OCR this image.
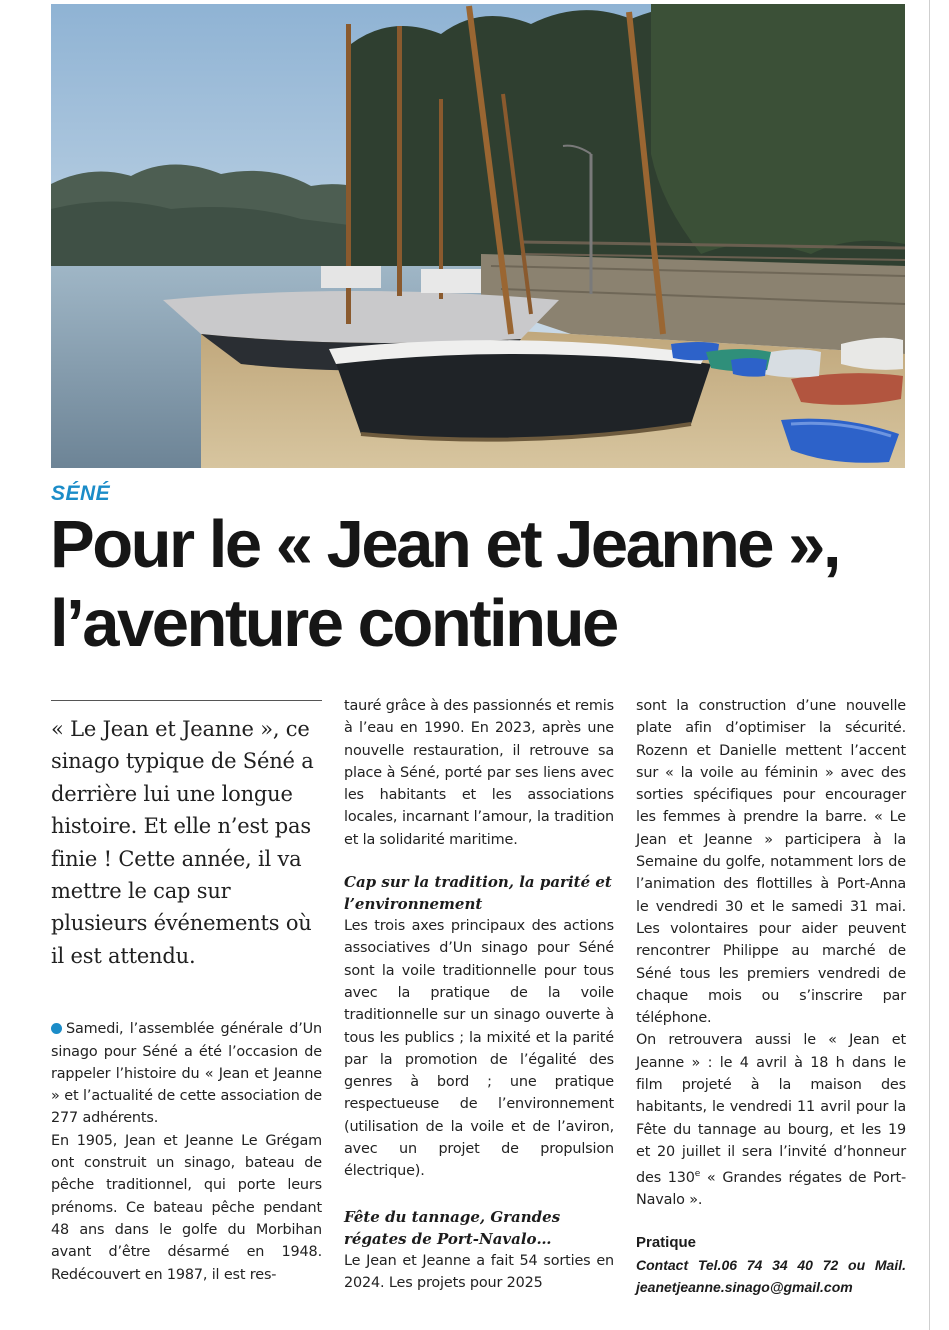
SÉNÉ
Pour le « Jean et Jeanne »,
l’aventure continue

« Le Jean et Jeanne », ce sinago typique de Séné a derrière lui une longue histoire. Et elle n’est pas finie ! Cette année, il va mettre le cap sur plusieurs événements où il est attendu.

Samedi, l’assemblée générale d’Un sinago pour Séné a été l’occasion de rappeler l’histoire du « Jean et Jeanne » et l’actualité de cette association de 277 adhérents.

En 1905, Jean et Jeanne Le Grégam ont construit un sinago, bateau de pêche traditionnel, qui porte leurs prénoms. Ce bateau pêche pendant 48 ans dans le golfe du Morbihan avant d’être désarmé en 1948. Redécouvert en 1987, il est res-

tauré grâce à des passionnés et remis à l’eau en 1990. En 2023, après une nouvelle restauration, il retrouve sa place à Séné, porté par ses liens avec les habitants et les associations locales, incarnant l’amour, la tradition et la solidarité maritime.

Cap sur la tradition, la parité et l’environnement

Les trois axes principaux des actions associatives d’Un sinago pour Séné sont la voile traditionnelle pour tous avec la pratique de la voile traditionnelle sur un sinago ouverte à tous les publics ; la mixité et la parité par la promotion de l’égalité des genres à bord ; une pratique respectueuse de l’environnement (utilisation de la voile et de l’aviron, avec un projet de propulsion électrique).

Fête du tannage, Grandes régates de Port-Navalo…

Le Jean et Jeanne a fait 54 sorties en 2024. Les projets pour 2025

sont la construction d’une nouvelle plate afin d’optimiser la sécurité. Rozenn et Danielle mettent l’accent sur « la voile au féminin » avec des sorties spécifiques pour encourager les femmes à prendre la barre. « Le Jean et Jeanne » participera à la Semaine du golfe, notamment lors de l’animation des flottilles à Port-Anna le vendredi 30 et le samedi 31 mai. Les volontaires pour aider peuvent rencontrer Philippe au marché de Séné tous les premiers vendredi de chaque mois ou s’inscrire par téléphone.

On retrouvera aussi le « Jean et Jeanne » : le 4 avril à 18 h dans le film projeté à la maison des habitants, le vendredi 11 avril pour la Fête du tannage au bourg, et les 19 et 20 juillet il sera l’invité d’honneur des 130e « Grandes régates de Port-Navalo ».

Pratique

Contact Tel.06 74 34 40 72 ou Mail. jeanetjeanne.sinago@gmail.com
